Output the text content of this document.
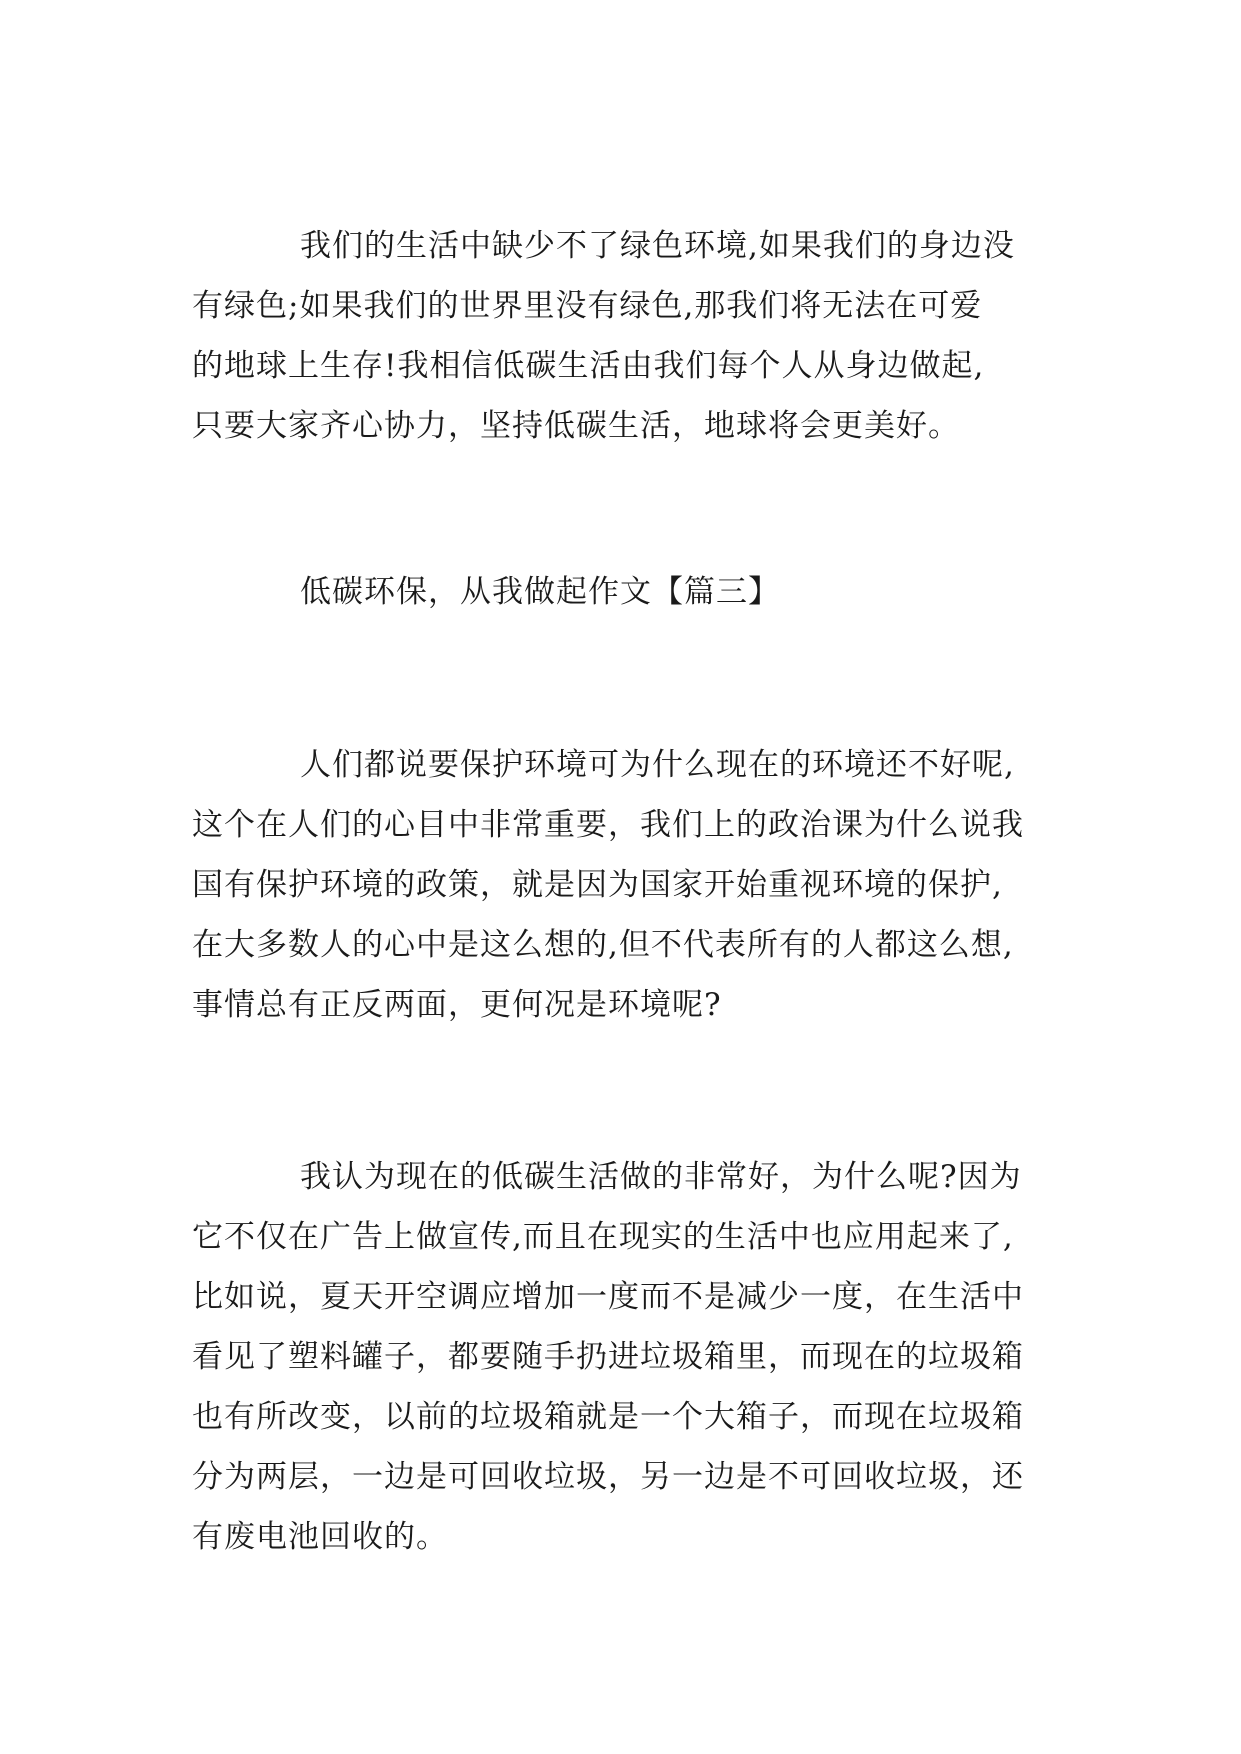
我们的生活中缺少不了绿色环境,如果我们的身边没
有绿色;如果我们的世界里没有绿色,那我们将无法在可爱
的地球上生存!我相信低碳生活由我们每个人从身边做起,
只要大家齐心协力，坚持低碳生活，地球将会更美好。

低碳环保，从我做起作文【篇三】

人们都说要保护环境可为什么现在的环境还不好呢,
这个在人们的心目中非常重要，我们上的政治课为什么说我
国有保护环境的政策，就是因为国家开始重视环境的保护,
在大多数人的心中是这么想的,但不代表所有的人都这么想,
事情总有正反两面，更何况是环境呢?

我认为现在的低碳生活做的非常好，为什么呢?因为
它不仅在广告上做宣传,而且在现实的生活中也应用起来了,
比如说，夏天开空调应增加一度而不是减少一度，在生活中
看见了塑料罐子，都要随手扔进垃圾箱里，而现在的垃圾箱
也有所改变，以前的垃圾箱就是一个大箱子，而现在垃圾箱
分为两层，一边是可回收垃圾，另一边是不可回收垃圾，还
有废电池回收的。
